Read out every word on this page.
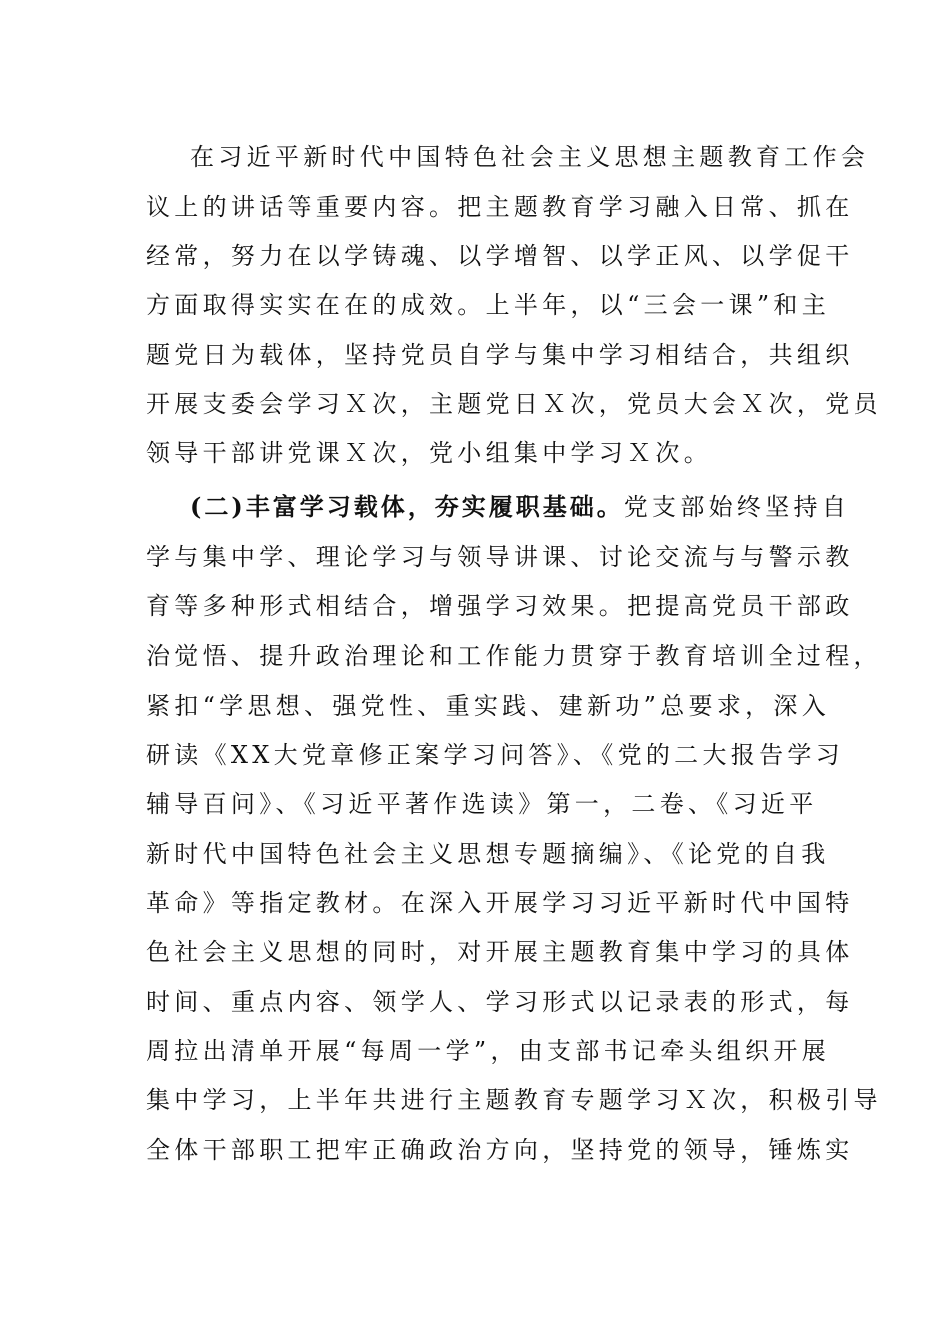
在习近平新时代中国特色社会主义思想主题教育工作会

议上的讲话等重要内容。把主题教育学习融入日常、抓在

经常，努力在以学铸魂、以学增智、以学正风、以学促干

方面取得实实在在的成效。上半年，以“三会一课”和主

题党日为载体，坚持党员自学与集中学习相结合，共组织

开展支委会学习Ｘ次，主题党日Ｘ次，党员大会Ｘ次，党员

领导干部讲党课Ｘ次，党小组集中学习Ｘ次。

(二)丰富学习载体，夯实履职基础。党支部始终坚持自

学与集中学、理论学习与领导讲课、讨论交流与与警示教

育等多种形式相结合，增强学习效果。把提高党员干部政

治觉悟、提升政治理论和工作能力贯穿于教育培训全过程，

紧扣“学思想、强党性、重实践、建新功”总要求，深入

研读《XX大党章修正案学习问答》、《党的二大报告学习

辅导百问》、《习近平著作选读》第一，二卷、《习近平

新时代中国特色社会主义思想专题摘编》、《论党的自我

革命》等指定教材。在深入开展学习习近平新时代中国特

色社会主义思想的同时，对开展主题教育集中学习的具体

时间、重点内容、领学人、学习形式以记录表的形式，每

周拉出清单开展“每周一学”，由支部书记牵头组织开展

集中学习，上半年共进行主题教育专题学习Ｘ次，积极引导

全体干部职工把牢正确政治方向，坚持党的领导，锤炼实
